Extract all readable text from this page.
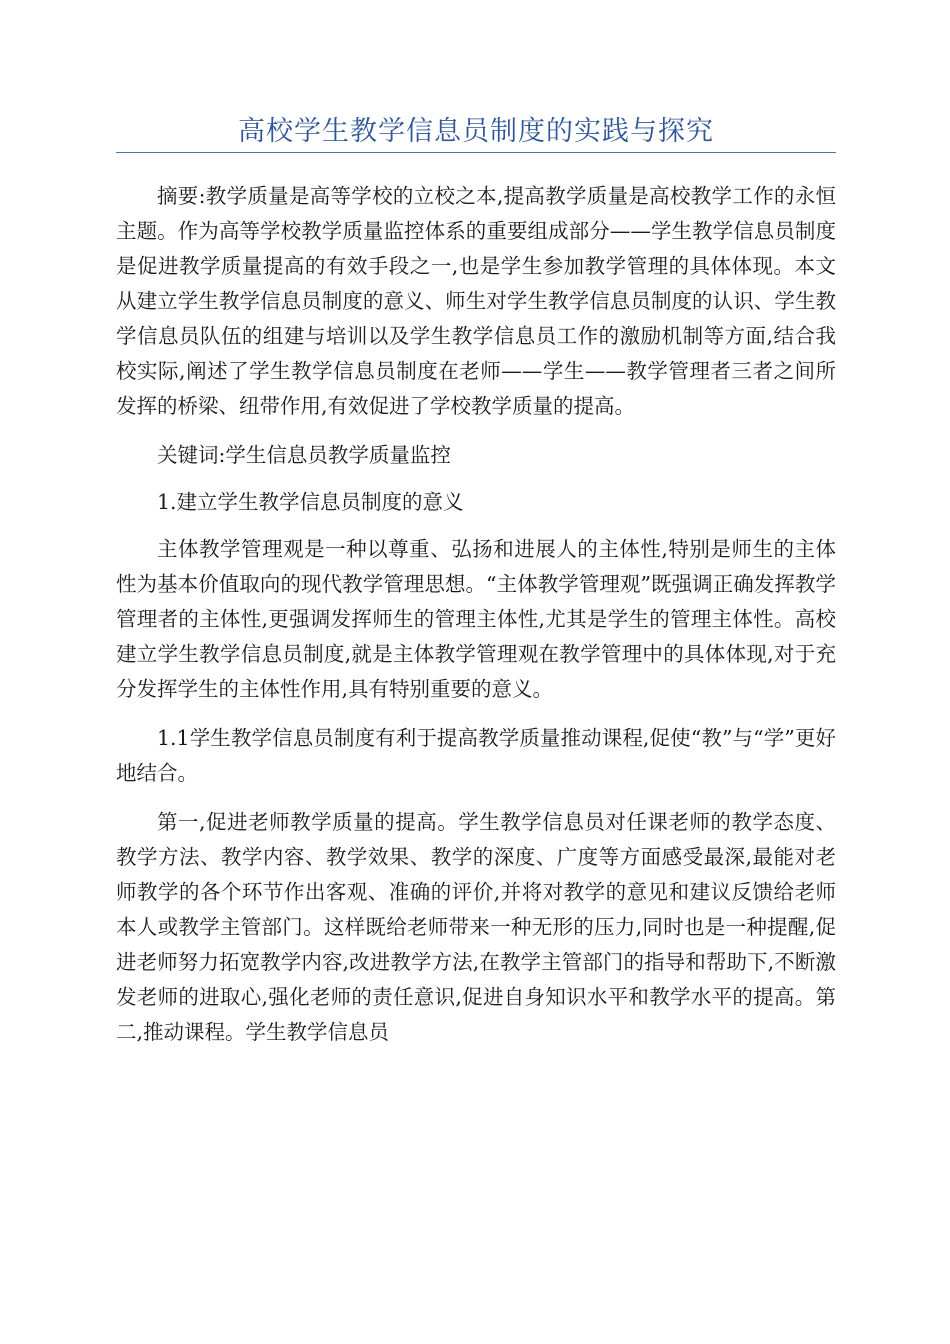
高校学生教学信息员制度的实践与探究

摘要:教学质量是高等学校的立校之本,提高教学质量是高校教学工作的永恒主题。作为高等学校教学质量监控体系的重要组成部分——学生教学信息员制度是促进教学质量提高的有效手段之一,也是学生参加教学管理的具体体现。本文从建立学生教学信息员制度的意义、师生对学生教学信息员制度的认识、学生教学信息员队伍的组建与培训以及学生教学信息员工作的激励机制等方面,结合我校实际,阐述了学生教学信息员制度在老师——学生——教学管理者三者之间所发挥的桥梁、纽带作用,有效促进了学校教学质量的提高。

关键词:学生信息员教学质量监控

1.建立学生教学信息员制度的意义

主体教学管理观是一种以尊重、弘扬和进展人的主体性,特别是师生的主体性为基本价值取向的现代教学管理思想。“主体教学管理观”既强调正确发挥教学管理者的主体性,更强调发挥师生的管理主体性,尤其是学生的管理主体性。高校建立学生教学信息员制度,就是主体教学管理观在教学管理中的具体体现,对于充分发挥学生的主体性作用,具有特别重要的意义。

1.1学生教学信息员制度有利于提高教学质量推动课程,促使“教”与“学”更好地结合。

第一,促进老师教学质量的提高。学生教学信息员对任课老师的教学态度、教学方法、教学内容、教学效果、教学的深度、广度等方面感受最深,最能对老师教学的各个环节作出客观、准确的评价,并将对教学的意见和建议反馈给老师本人或教学主管部门。这样既给老师带来一种无形的压力,同时也是一种提醒,促进老师努力拓宽教学内容,改进教学方法,在教学主管部门的指导和帮助下,不断激发老师的进取心,强化老师的责任意识,促进自身知识水平和教学水平的提高。第二,推动课程。学生教学信息员
